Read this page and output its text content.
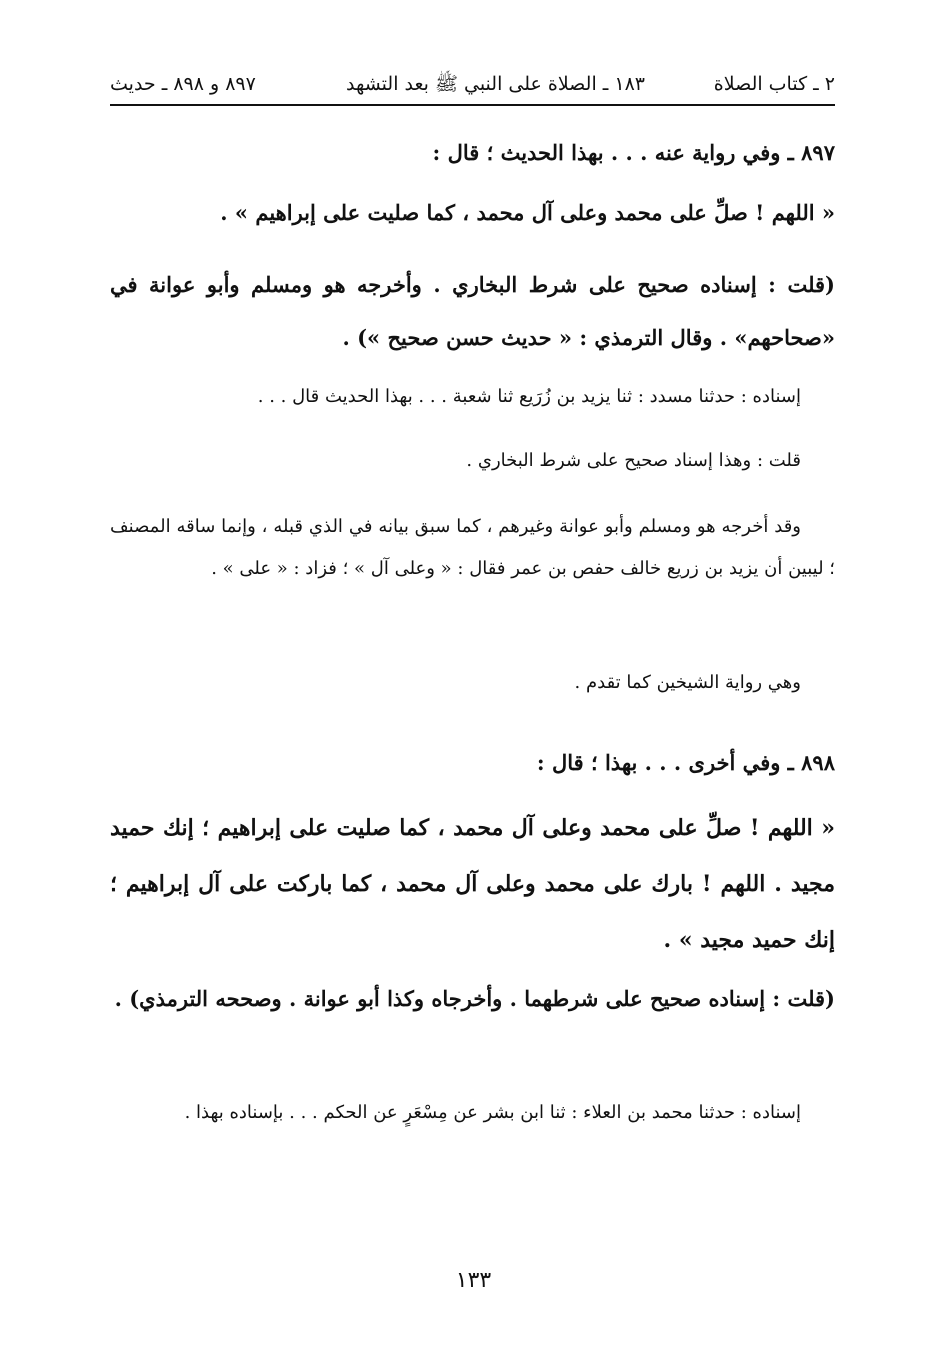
٢ ـ كتاب الصلاة
١٨٣ ـ الصلاة على النبي ﷺ بعد التشهد
٨٩٧ و ٨٩٨ ـ حديث

٨٩٧ ـ وفي رواية عنه . . . بهذا الحديث ؛ قال :

« اللهم ! صلِّ على محمد وعلى آل محمد ، كما صليت على إبراهيم » .

(قلت : إسناده صحيح على شرط البخاري . وأخرجه هو ومسلم وأبو عوانة في «صحاحهم» . وقال الترمذي : « حديث حسن صحيح ») .

إسناده : حدثنا مسدد : ثنا يزيد بن زُرَيع ثنا شعبة . . . بهذا الحديث قال . . .

قلت : وهذا إسناد صحيح على شرط البخاري .

وقد أخرجه هو ومسلم وأبو عوانة وغيرهم ، كما سبق بيانه في الذي قبله ، وإنما ساقه المصنف ؛ ليبين أن يزيد بن زريع خالف حفص بن عمر فقال : « وعلى آل » ؛ فزاد : « على » .

وهي رواية الشيخين كما تقدم .

٨٩٨ ـ وفي أخرى . . . بهذا ؛ قال :

« اللهم ! صلِّ على محمد وعلى آل محمد ، كما صليت على إبراهيم ؛ إنك حميد مجيد . اللهم ! بارك على محمد وعلى آل محمد ، كما باركت على آل إبراهيم ؛ إنك حميد مجيد » .

(قلت : إسناده صحيح على شرطهما . وأخرجاه وكذا أبو عوانة . وصححه الترمذي) .

إسناده : حدثنا محمد بن العلاء : ثنا ابن بشر عن مِسْعَرٍ عن الحكم . . . بإسناده بهذا .

١٣٣
